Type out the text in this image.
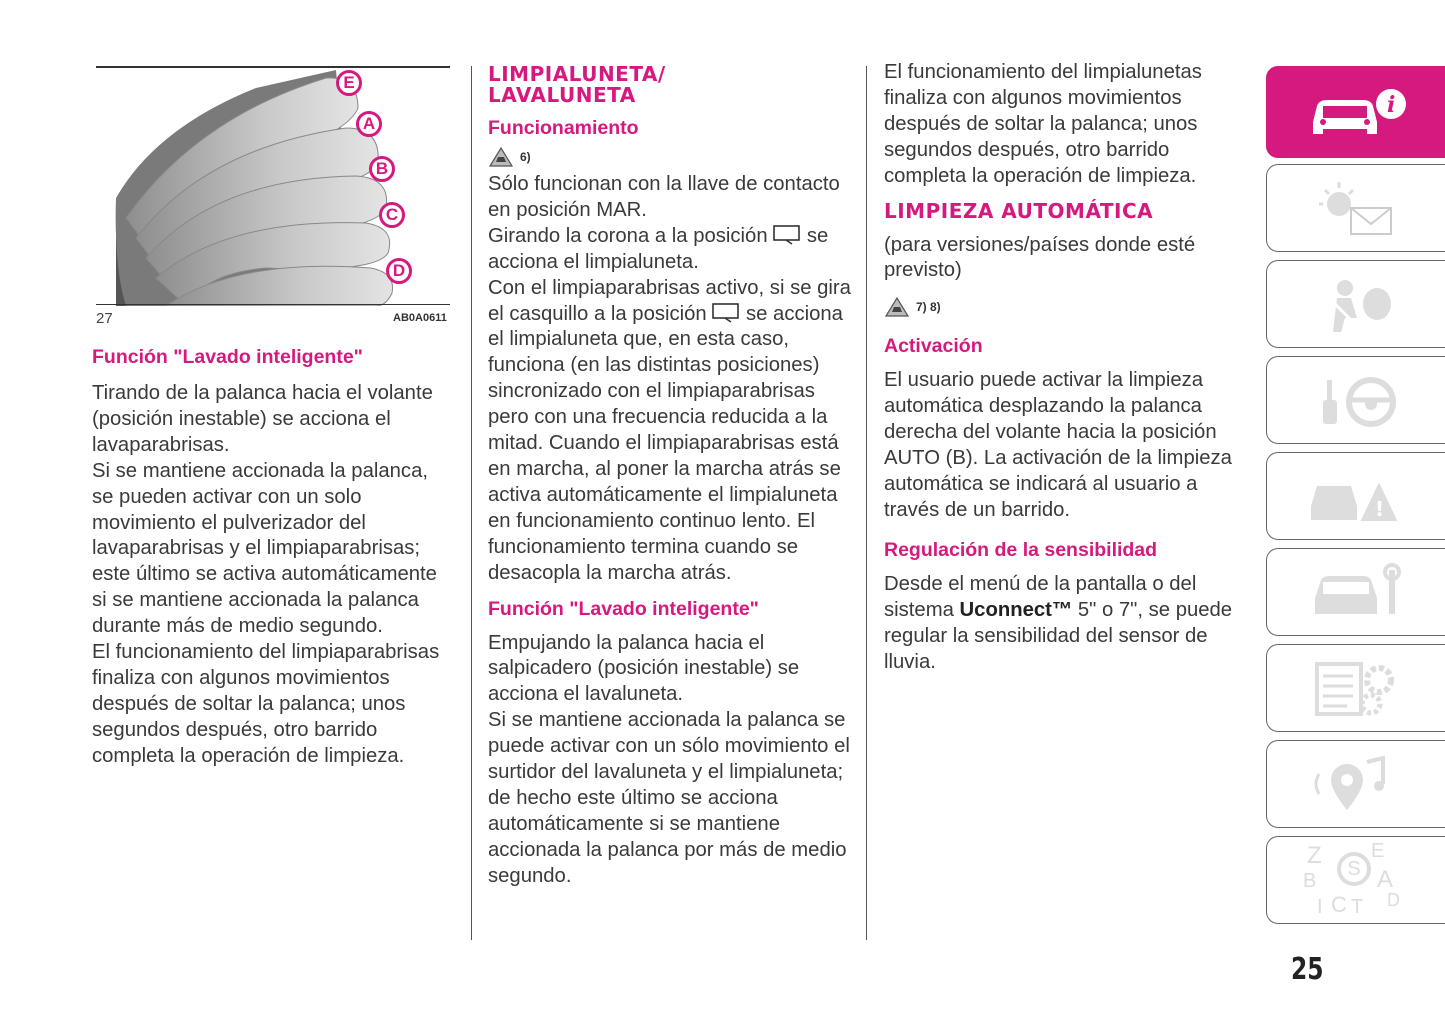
E
A
B
C
D
27	AB0A0611

Función "Lavado inteligente"

Tirando de la palanca hacia el volante (posición inestable) se acciona el lavaparabrisas.

Si se mantiene accionada la palanca, se pueden activar con un solo movimiento el pulverizador del lavaparabrisas y el limpiaparabrisas; este último se activa automáticamente si se mantiene accionada la palanca durante más de medio segundo.

El funcionamiento del limpiaparabrisas finaliza con algunos movimientos después de soltar la palanca; unos segundos después, otro barrido completa la operación de limpieza.

LIMPIALUNETA/
LAVALUNETA

Funcionamiento

6)

Sólo funcionan con la llave de contacto en posición MAR.

Girando la corona a la posición se acciona el limpialuneta.

Con el limpiaparabrisas activo, si se gira el casquillo a la posición se acciona el limpialuneta que, en esta caso, funciona (en las distintas posiciones) sincronizado con el limpiaparabrisas pero con una frecuencia reducida a la mitad. Cuando el limpiaparabrisas está en marcha, al poner la marcha atrás se activa automáticamente el limpialuneta en funcionamiento continuo lento. El funcionamiento termina cuando se desacopla la marcha atrás.

Función "Lavado inteligente"

Empujando la palanca hacia el salpicadero (posición inestable) se acciona el lavaluneta.

Si se mantiene accionada la palanca se puede activar con un sólo movimiento el surtidor del lavaluneta y el limpialuneta; de hecho este último se acciona automáticamente si se mantiene accionada la palanca por más de medio segundo.

El funcionamiento del limpialunetas finaliza con algunos movimientos después de soltar la palanca; unos segundos después, otro barrido completa la operación de limpieza.

LIMPIEZA AUTOMÁTICA

(para versiones/países donde esté previsto)

7) 8)

Activación

El usuario puede activar la limpieza automática desplazando la palanca derecha del volante hacia la posición AUTO (B). La activación de la limpieza automática se indicará al usuario a través de un barrido.

Regulación de la sensibilidad

Desde el menú de la pantalla o del sistema Uconnect™ 5" o 7", se puede regular la sensibilidad del sensor de lluvia.

i
!
Z E
B
S A
C T D
I
25
